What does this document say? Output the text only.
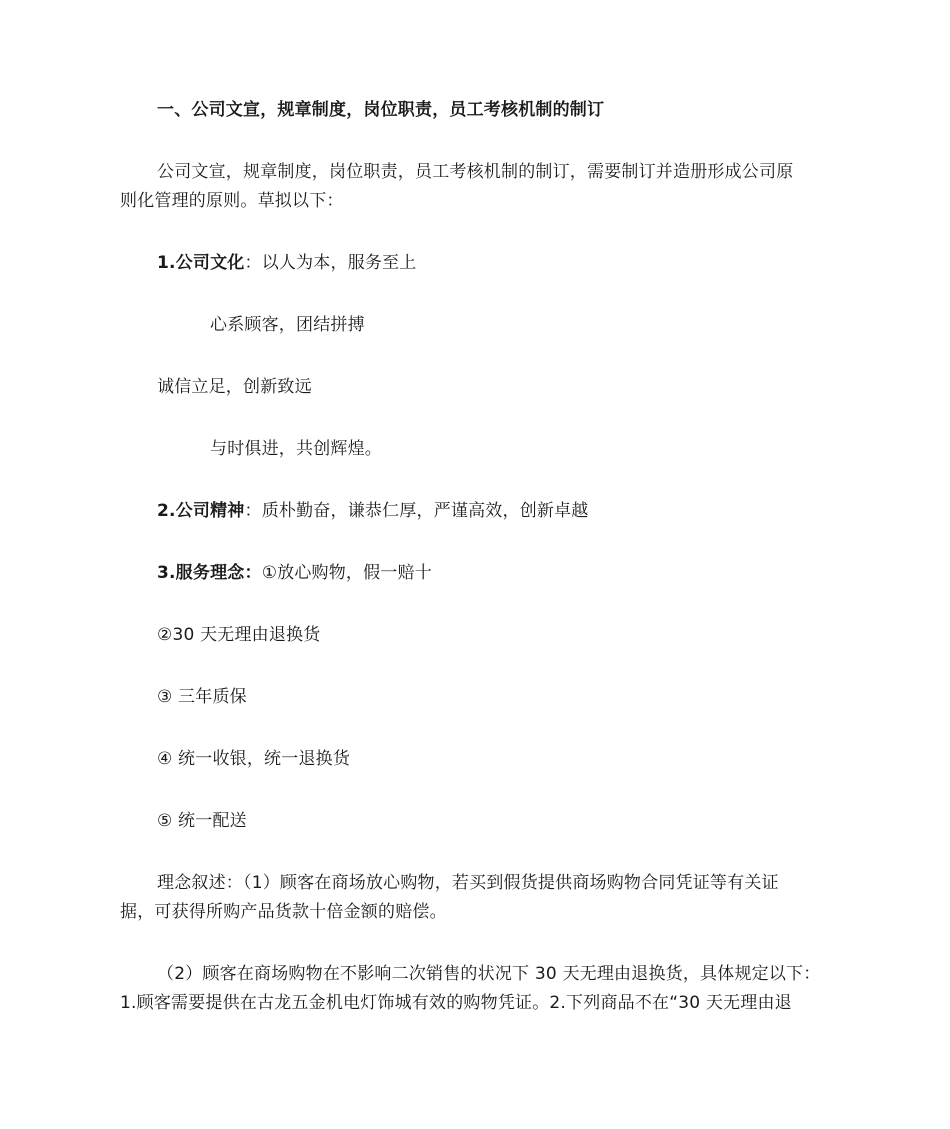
一、公司文宣，规章制度，岗位职责，员工考核机制的制订
公司文宣，规章制度，岗位职责，员工考核机制的制订，需要制订并造册形成公司原
则化管理的原则。草拟以下：
1.公司文化：以人为本，服务至上
心系顾客，团结拼搏
诚信立足，创新致远
与时俱进，共创辉煌。
2.公司精神：质朴勤奋，谦恭仁厚，严谨高效，创新卓越
3.服务理念：①放心购物，假一赔十
②30 天无理由退换货
③ 三年质保
④ 统一收银，统一退换货
⑤ 统一配送
理念叙述：（1）顾客在商场放心购物，若买到假货提供商场购物合同凭证等有关证
据，可获得所购产品货款十倍金额的赔偿。
（2）顾客在商场购物在不影响二次销售的状况下 30 天无理由退换货，具体规定以下：
1.顾客需要提供在古龙五金机电灯饰城有效的购物凭证。2.下列商品不在“30 天无理由退
